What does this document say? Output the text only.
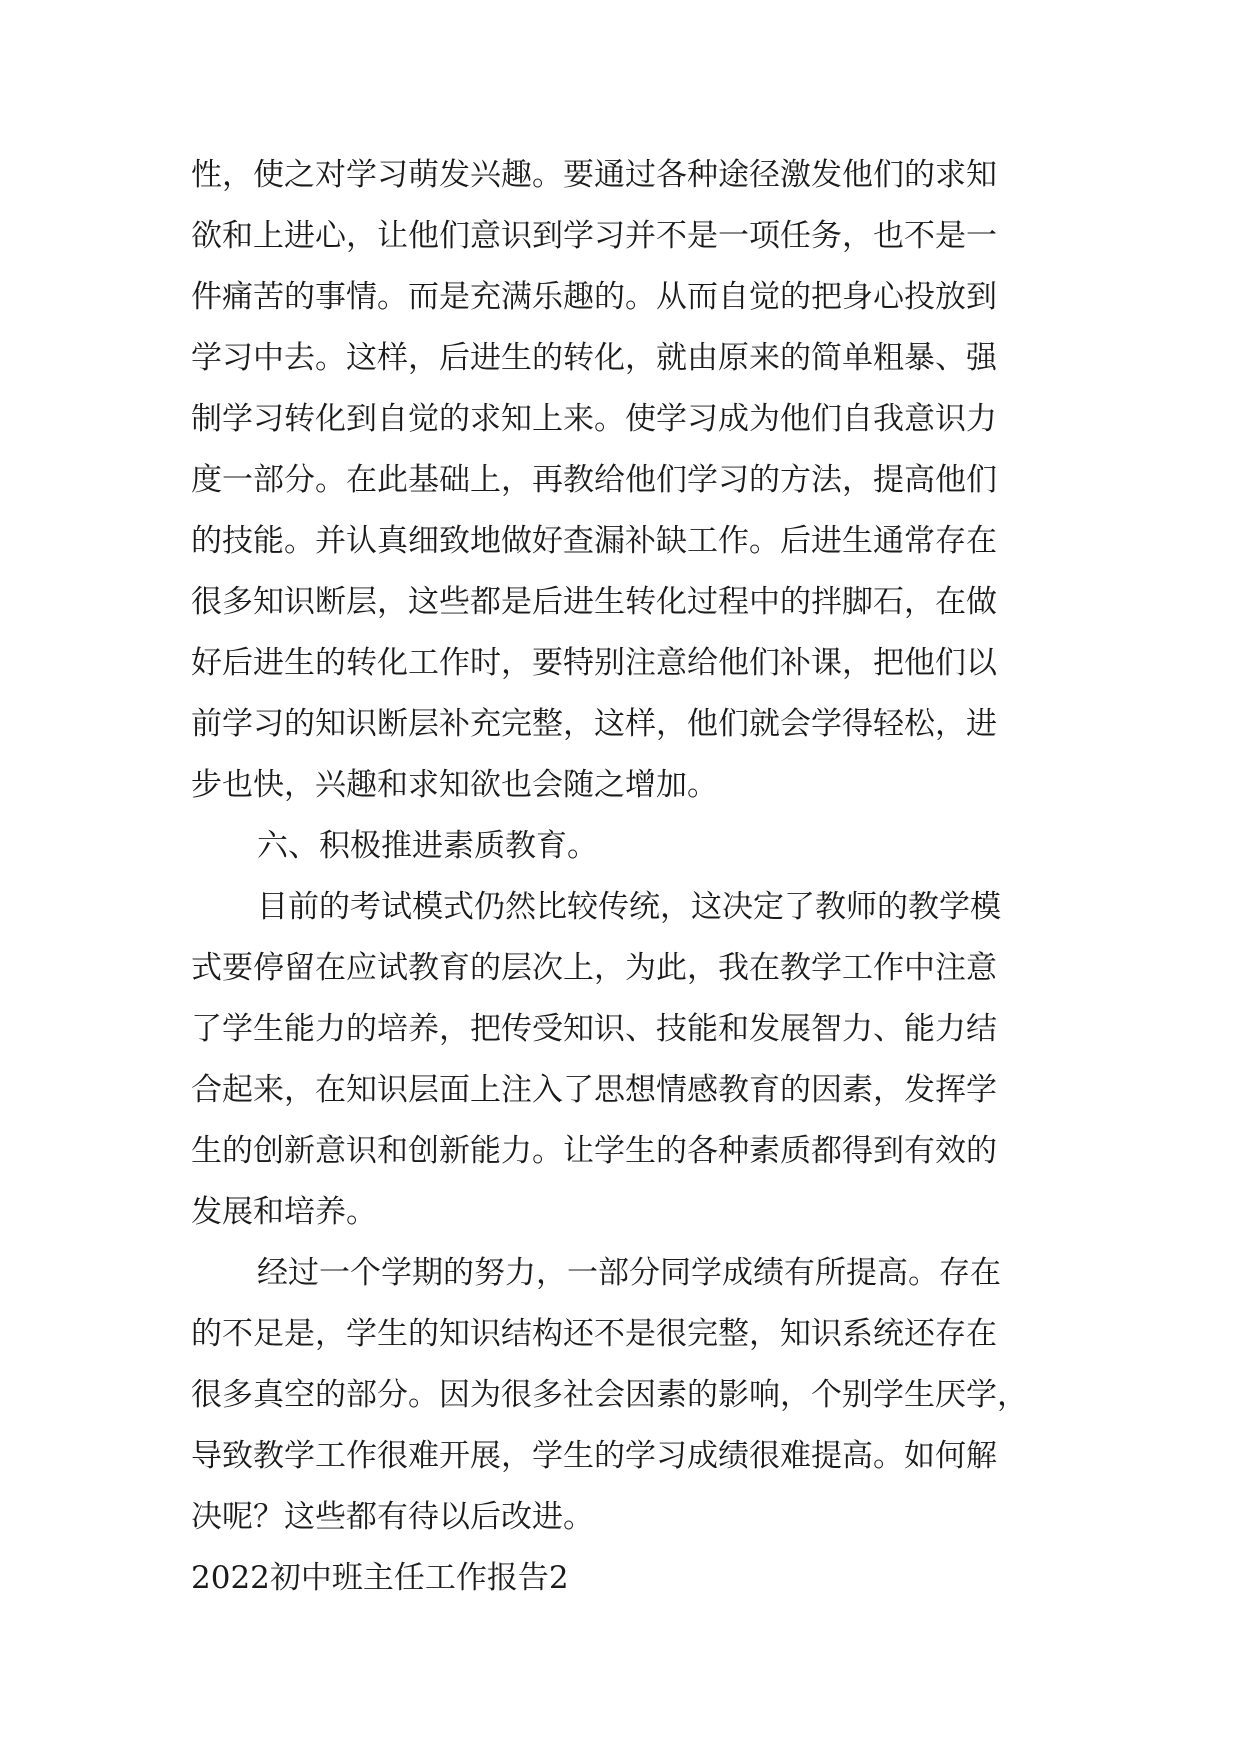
性，使之对学习萌发兴趣。要通过各种途径激发他们的求知
欲和上进心，让他们意识到学习并不是一项任务，也不是一
件痛苦的事情。而是充满乐趣的。从而自觉的把身心投放到
学习中去。这样，后进生的转化，就由原来的简单粗暴、强
制学习转化到自觉的求知上来。使学习成为他们自我意识力
度一部分。在此基础上，再教给他们学习的方法，提高他们
的技能。并认真细致地做好查漏补缺工作。后进生通常存在
很多知识断层，这些都是后进生转化过程中的拌脚石，在做
好后进生的转化工作时，要特别注意给他们补课，把他们以
前学习的知识断层补充完整，这样，他们就会学得轻松，进
步也快，兴趣和求知欲也会随之增加。
六、积极推进素质教育。
目前的考试模式仍然比较传统，这决定了教师的教学模
式要停留在应试教育的层次上，为此，我在教学工作中注意
了学生能力的培养，把传受知识、技能和发展智力、能力结
合起来，在知识层面上注入了思想情感教育的因素，发挥学
生的创新意识和创新能力。让学生的各种素质都得到有效的
发展和培养。
经过一个学期的努力，一部分同学成绩有所提高。存在
的不足是，学生的知识结构还不是很完整，知识系统还存在
很多真空的部分。因为很多社会因素的影响，个别学生厌学，
导致教学工作很难开展，学生的学习成绩很难提高。如何解
决呢？这些都有待以后改进。
2022初中班主任工作报告2
